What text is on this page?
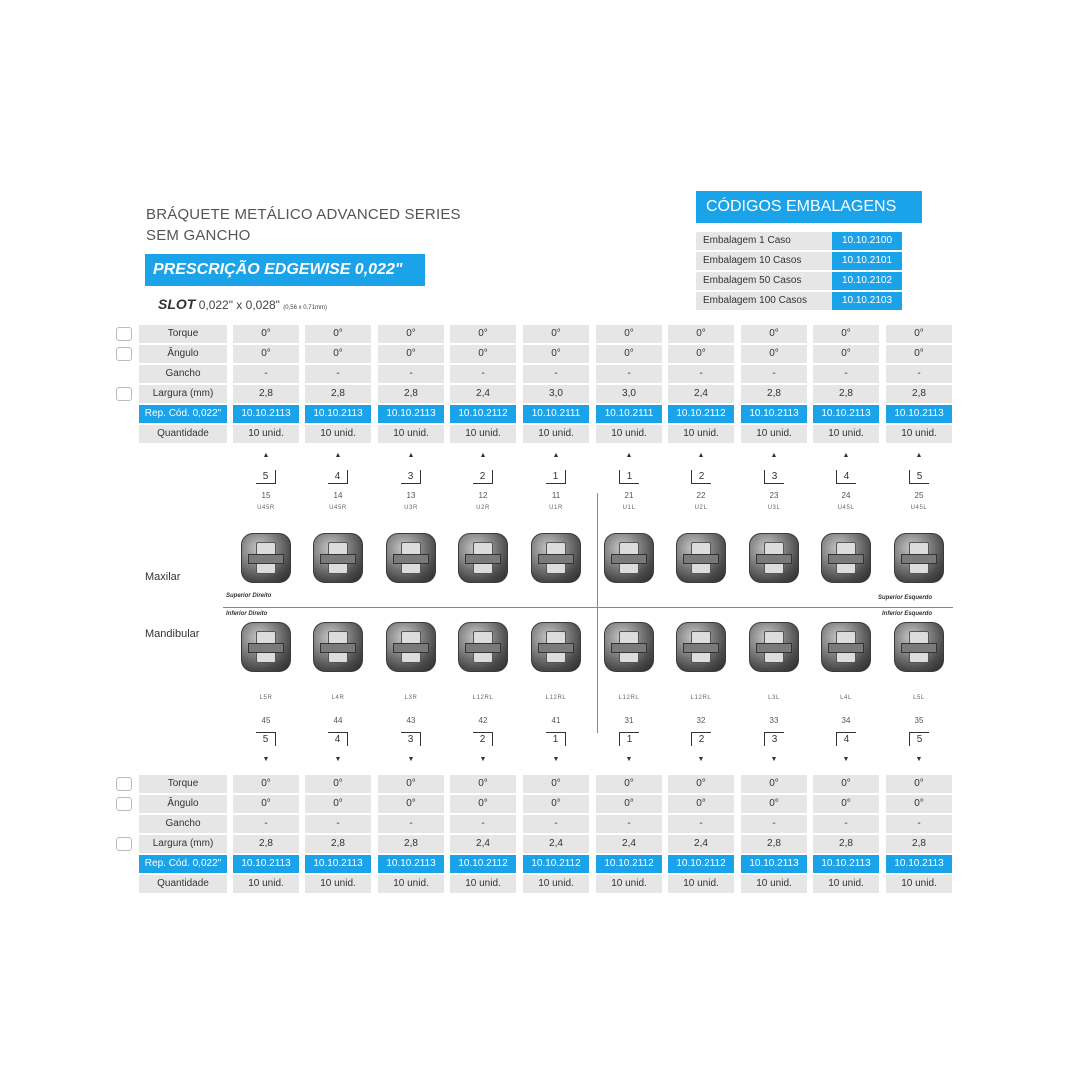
BRÁQUETE METÁLICO ADVANCED SERIES
SEM GANCHO
PRESCRIÇÃO EDGEWISE 0,022"
SLOT 0,022" x 0,028" (0,56 x 0,71mm)
CÓDIGOS EMBALAGENS
Embalagem 1 Caso	10.10.2100
Embalagem 10 Casos	10.10.2101
Embalagem 50 Casos	10.10.2102
Embalagem 100 Casos	10.10.2103
Torque	0°	0°	0°	0°	0°	0°	0°	0°	0°	0°
Ângulo	0°	0°	0°	0°	0°	0°	0°	0°	0°	0°
Gancho	-	-	-	-	-	-	-	-	-	-
Largura (mm)	2,8	2,8	2,8	2,4	3,0	3,0	2,4	2,8	2,8	2,8
Rep. Cód. 0,022"	10.10.2113	10.10.2113	10.10.2113	10.10.2112	10.10.2111	10.10.2111	10.10.2112	10.10.2113	10.10.2113	10.10.2113
Quantidade	10 unid.	10 unid.	10 unid.	10 unid.	10 unid.	10 unid.	10 unid.	10 unid.	10 unid.	10 unid.
▲
5
15
U45R
▲
4
14
U45R
▲
3
13
U3R
▲
2
12
U2R
▲
1
11
U1R
▲
1
21
U1L
▲
2
22
U2L
▲
3
23
U3L
▲
4
24
U45L
▲
5
25
U45L
L5R
45
5
▼
L4R
44
4
▼
L3R
43
3
▼
L12RL
42
2
▼
L12RL
41
1
▼
L12RL
31
1
▼
L12RL
32
2
▼
L3L
33
3
▼
L4L
34
4
▼
L5L
35
5
▼
Torque	0°	0°	0°	0°	0°	0°	0°	0°	0°	0°
Ângulo	0°	0°	0°	0°	0°	0°	0°	0°	0°	0°
Gancho	-	-	-	-	-	-	-	-	-	-
Largura (mm)	2,8	2,8	2,8	2,4	2,4	2,4	2,4	2,8	2,8	2,8
Rep. Cód. 0,022"	10.10.2113	10.10.2113	10.10.2113	10.10.2112	10.10.2112	10.10.2112	10.10.2112	10.10.2113	10.10.2113	10.10.2113
Quantidade	10 unid.	10 unid.	10 unid.	10 unid.	10 unid.	10 unid.	10 unid.	10 unid.	10 unid.	10 unid.
Maxilar
Mandibular
Superior Direito	Superior Esquerdo
Inferior Direito	Inferior Esquerdo
